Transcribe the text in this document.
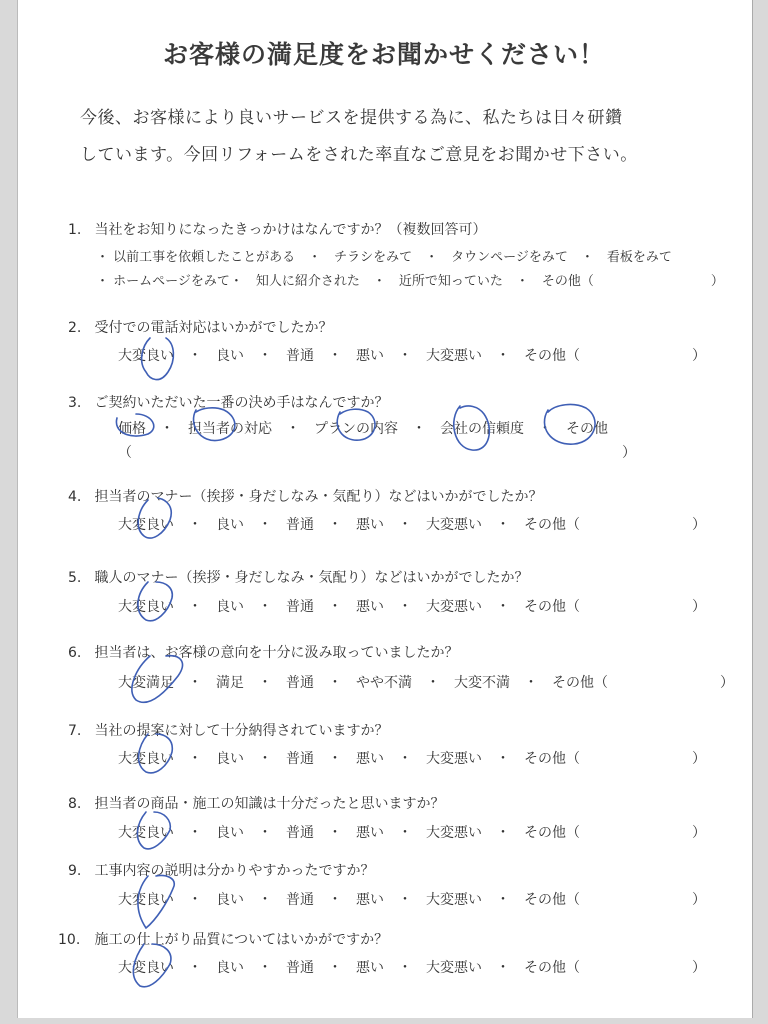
お客様の満足度をお聞かせください！
今後、お客様により良いサービスを提供する為に、私たちは日々研鑽
しています。今回リフォームをされた率直なご意見をお聞かせ下さい。
1. 当社をお知りになったきっかけはなんですか？（複数回答可）
・ 以前工事を依頼したことがある　・　チラシをみて　・　タウンページをみて　・　看板をみて
・ ホームページをみて・　知人に紹介された　・　近所で知っていた　・　その他（　　　　　　　　　）
2. 受付での電話対応はいかがでしたか？
大変良い　・　良い　・　普通　・　悪い　・　大変悪い　・　その他（　　　　　　　　）
3. ご契約いただいた一番の決め手はなんですか？
価格　・　担当者の対応　・　プランの内容　・　会社の信頼度　・　その他
（　　　　　　　　　　　　　　　　　　　　　　　　　　　　　　　　　　　）
4. 担当者のマナー（挨拶・身だしなみ・気配り）などはいかがでしたか？
大変良い　・　良い　・　普通　・　悪い　・　大変悪い　・　その他（　　　　　　　　）
5. 職人のマナー（挨拶・身だしなみ・気配り）などはいかがでしたか？
大変良い　・　良い　・　普通　・　悪い　・　大変悪い　・　その他（　　　　　　　　）
6. 担当者は、お客様の意向を十分に汲み取っていましたか？
大変満足　・　満足　・　普通　・　やや不満　・　大変不満　・　その他（　　　　　　　　）
7. 当社の提案に対して十分納得されていますか？
大変良い　・　良い　・　普通　・　悪い　・　大変悪い　・　その他（　　　　　　　　）
8. 担当者の商品・施工の知識は十分だったと思いますか？
大変良い　・　良い　・　普通　・　悪い　・　大変悪い　・　その他（　　　　　　　　）
9. 工事内容の説明は分かりやすかったですか？
大変良い　・　良い　・　普通　・　悪い　・　大変悪い　・　その他（　　　　　　　　）
10. 施工の仕上がり品質についてはいかがですか？
大変良い　・　良い　・　普通　・　悪い　・　大変悪い　・　その他（　　　　　　　　）
